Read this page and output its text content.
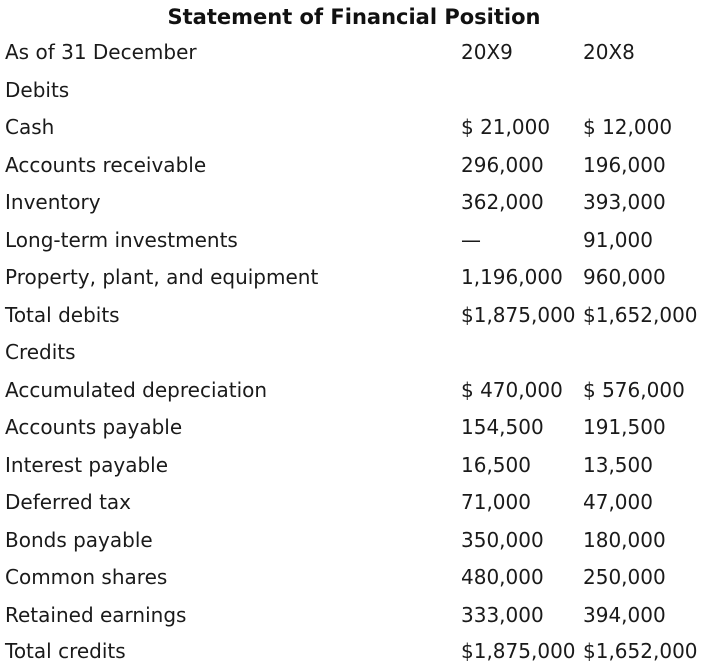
Statement of Financial Position
As of 31 December	20X9	20X8
Debits
Cash	$ 21,000 $ 12,000
Accounts receivable	296,000 196,000
Inventory	362,000 393,000
Long-term investments	—	91,000
Property, plant, and equipment	1,196,000 960,000
Total debits	$1,875,000 $1,652,000
Credits
Accumulated depreciation	$ 470,000 $ 576,000
Accounts payable	154,500 191,500
Interest payable	16,500	13,500
Deferred tax	71,000	47,000
Bonds payable	350,000 180,000
Common shares	480,000 250,000
Retained earnings	333,000 394,000
Total credits	$1,875,000 $1,652,000
